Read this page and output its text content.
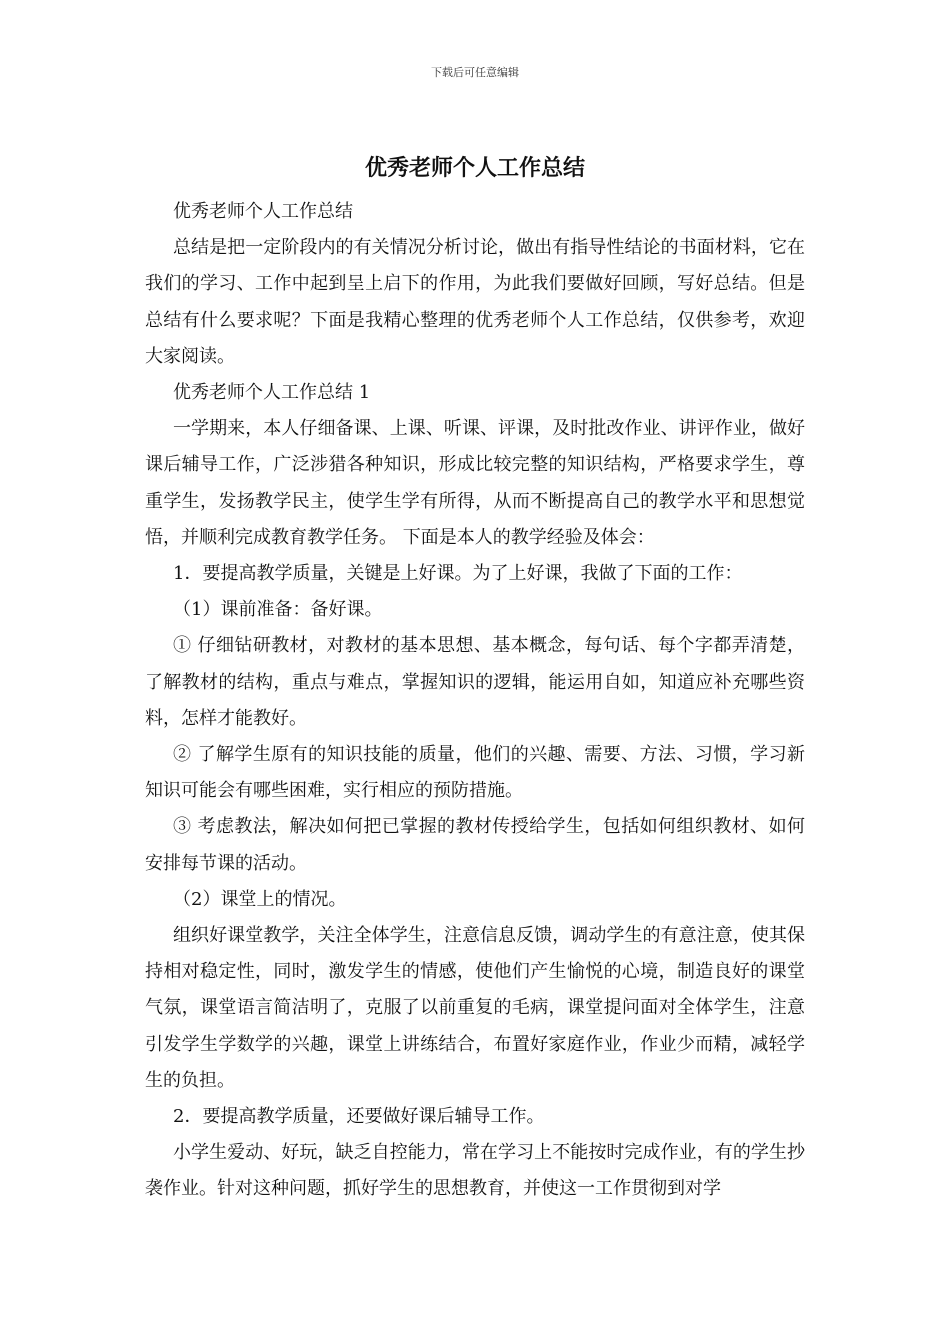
下载后可任意编辑
优秀老师个人工作总结

优秀老师个人工作总结

总结是把一定阶段内的有关情况分析讨论，做出有指导性结论的书面材料，它在我们的学习、工作中起到呈上启下的作用，为此我们要做好回顾，写好总结。但是总结有什么要求呢？下面是我精心整理的优秀老师个人工作总结，仅供参考，欢迎大家阅读。

优秀老师个人工作总结 1

一学期来，本人仔细备课、上课、听课、评课，及时批改作业、讲评作业，做好课后辅导工作，广泛涉猎各种知识，形成比较完整的知识结构，严格要求学生，尊重学生，发扬教学民主，使学生学有所得，从而不断提高自己的教学水平和思想觉悟，并顺利完成教育教学任务。 下面是本人的教学经验及体会：

1．要提高教学质量，关键是上好课。为了上好课，我做了下面的工作：

（1）课前准备：备好课。

① 仔细钻研教材，对教材的基本思想、基本概念，每句话、每个字都弄清楚，了解教材的结构，重点与难点，掌握知识的逻辑，能运用自如，知道应补充哪些资料，怎样才能教好。

② 了解学生原有的知识技能的质量，他们的兴趣、需要、方法、习惯，学习新知识可能会有哪些困难，实行相应的预防措施。

③ 考虑教法，解决如何把已掌握的教材传授给学生，包括如何组织教材、如何安排每节课的活动。

（2）课堂上的情况。

组织好课堂教学，关注全体学生，注意信息反馈，调动学生的有意注意，使其保持相对稳定性，同时，激发学生的情感，使他们产生愉悦的心境，制造良好的课堂气氛，课堂语言简洁明了，克服了以前重复的毛病，课堂提问面对全体学生，注意引发学生学数学的兴趣，课堂上讲练结合，布置好家庭作业，作业少而精，减轻学生的负担。

2．要提高教学质量，还要做好课后辅导工作。

小学生爱动、好玩，缺乏自控能力，常在学习上不能按时完成作业，有的学生抄袭作业。针对这种问题，抓好学生的思想教育，并使这一工作贯彻到对学
